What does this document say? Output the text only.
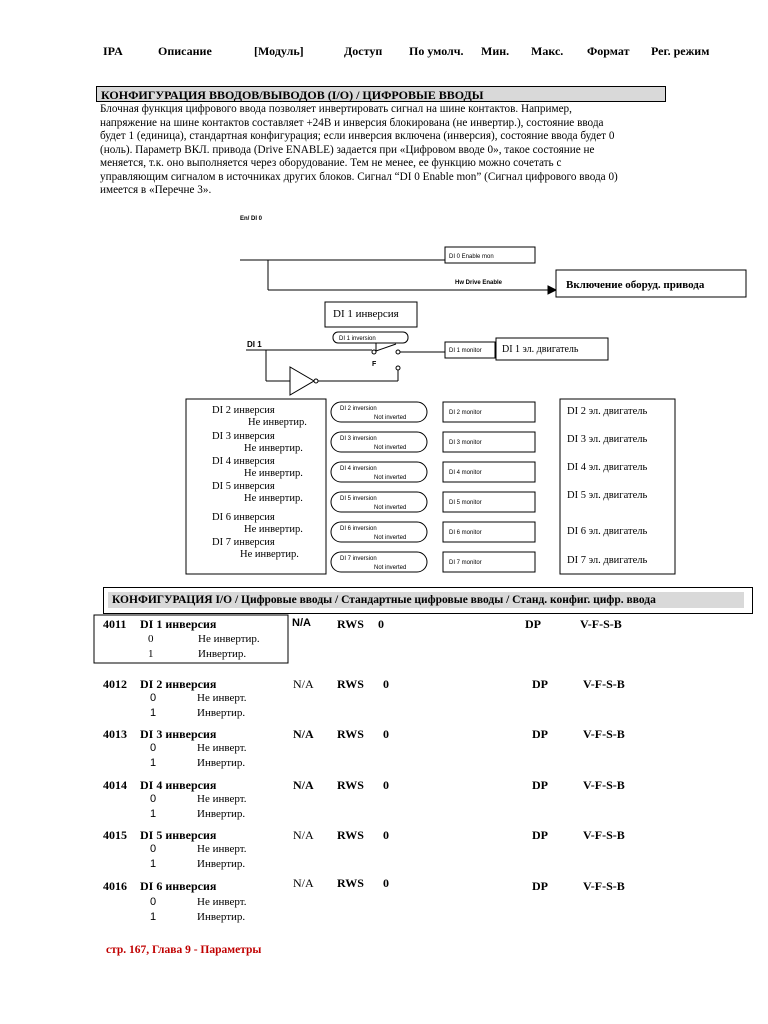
IPA	Описание	[Модуль]	Доступ По умолч. Мин. Макс. Формат Рег. режим
КОНФИГУРАЦИЯ ВВОДОВ/ВЫВОДОВ (I/O) / ЦИФРОВЫЕ ВВОДЫ

Блочная функция цифрового ввода позволяет инвертировать сигнал на шине контактов. Например,

напряжение на шине контактов составляет +24В и инверсия блокирована (не инвертир.), состояние ввода

будет 1 (единица), стандартная конфигурация; если инверсия включена (инверсия), состояние ввода будет 0

(ноль). Параметр ВКЛ. привода (Drive ENABLE) задается при «Цифровом вводе 0», такое состояние не

меняется, т.к. оно выполняется через оборудование. Тем не менее, ее функцию можно сочетать с

управляющим сигналом в источниках других блоков. Сигнал “DI 0 Enable mon” (Сигнал цифрового ввода 0)

имеется в «Перечне 3».

En/ DI 0
DI 0 Enable mon
Hw Drive Enable	Включение оборуд. привода
DI 1 инверсия
DI 1 inversion
DI 1
F
DI 1 monitor DI 1 эл. двигатель
DI 2 инверсия
Не инвертир.
DI 3 инверсия
Не инвертир.
DI 4 инверсия
Не инвертир.
DI 5 инверсия
Не инвертир.
DI 6 инверсия
Не инвертир.
DI 7 инверсия
Не инвертир.
DI 2 inversion
Not inverted
DI 3 inversion
Not inverted
DI 4 inversion
Not inverted
DI 5 inversion
Not inverted
DI 6 inversion
Not inverted
DI 7 inversion
Not inverted
DI 2 monitor
DI 3 monitor
DI 4 monitor
DI 5 monitor
DI 6 monitor
DI 7 monitor
DI 2 эл. двигатель
DI 3 эл. двигатель
DI 4 эл. двигатель
DI 5 эл. двигатель
DI 6 эл. двигатель
DI 7 эл. двигатель
КОНФИГУРАЦИЯ I/O / Цифровые вводы / Стандартные цифровые вводы / Станд. конфиг. цифр. ввода
4011 DI 1 инверсия	N/A RWS 0	DP	V-F-S-B
0	Не инвертир.
1	Инвертир.
4012 DI 2 инверсия	N/A RWS 0	DP	V-F-S-B
0	Не инверт.
1	Инвертир.
4013 DI 3 инверсия	N/A RWS 0	DP	V-F-S-B
0	Не инверт.
1	Инвертир.
4014 DI 4 инверсия	N/A RWS 0	DP	V-F-S-B
0	Не инверт.
1	Инвертир.
4015 DI 5 инверсия	N/A RWS 0	DP	V-F-S-B
0	Не инверт.
1	Инвертир.
4016 DI 6 инверсия	N/A RWS 0	DP	V-F-S-B
0	Не инверт.
1	Инвертир.
стр. 167, Глава 9 - Параметры
